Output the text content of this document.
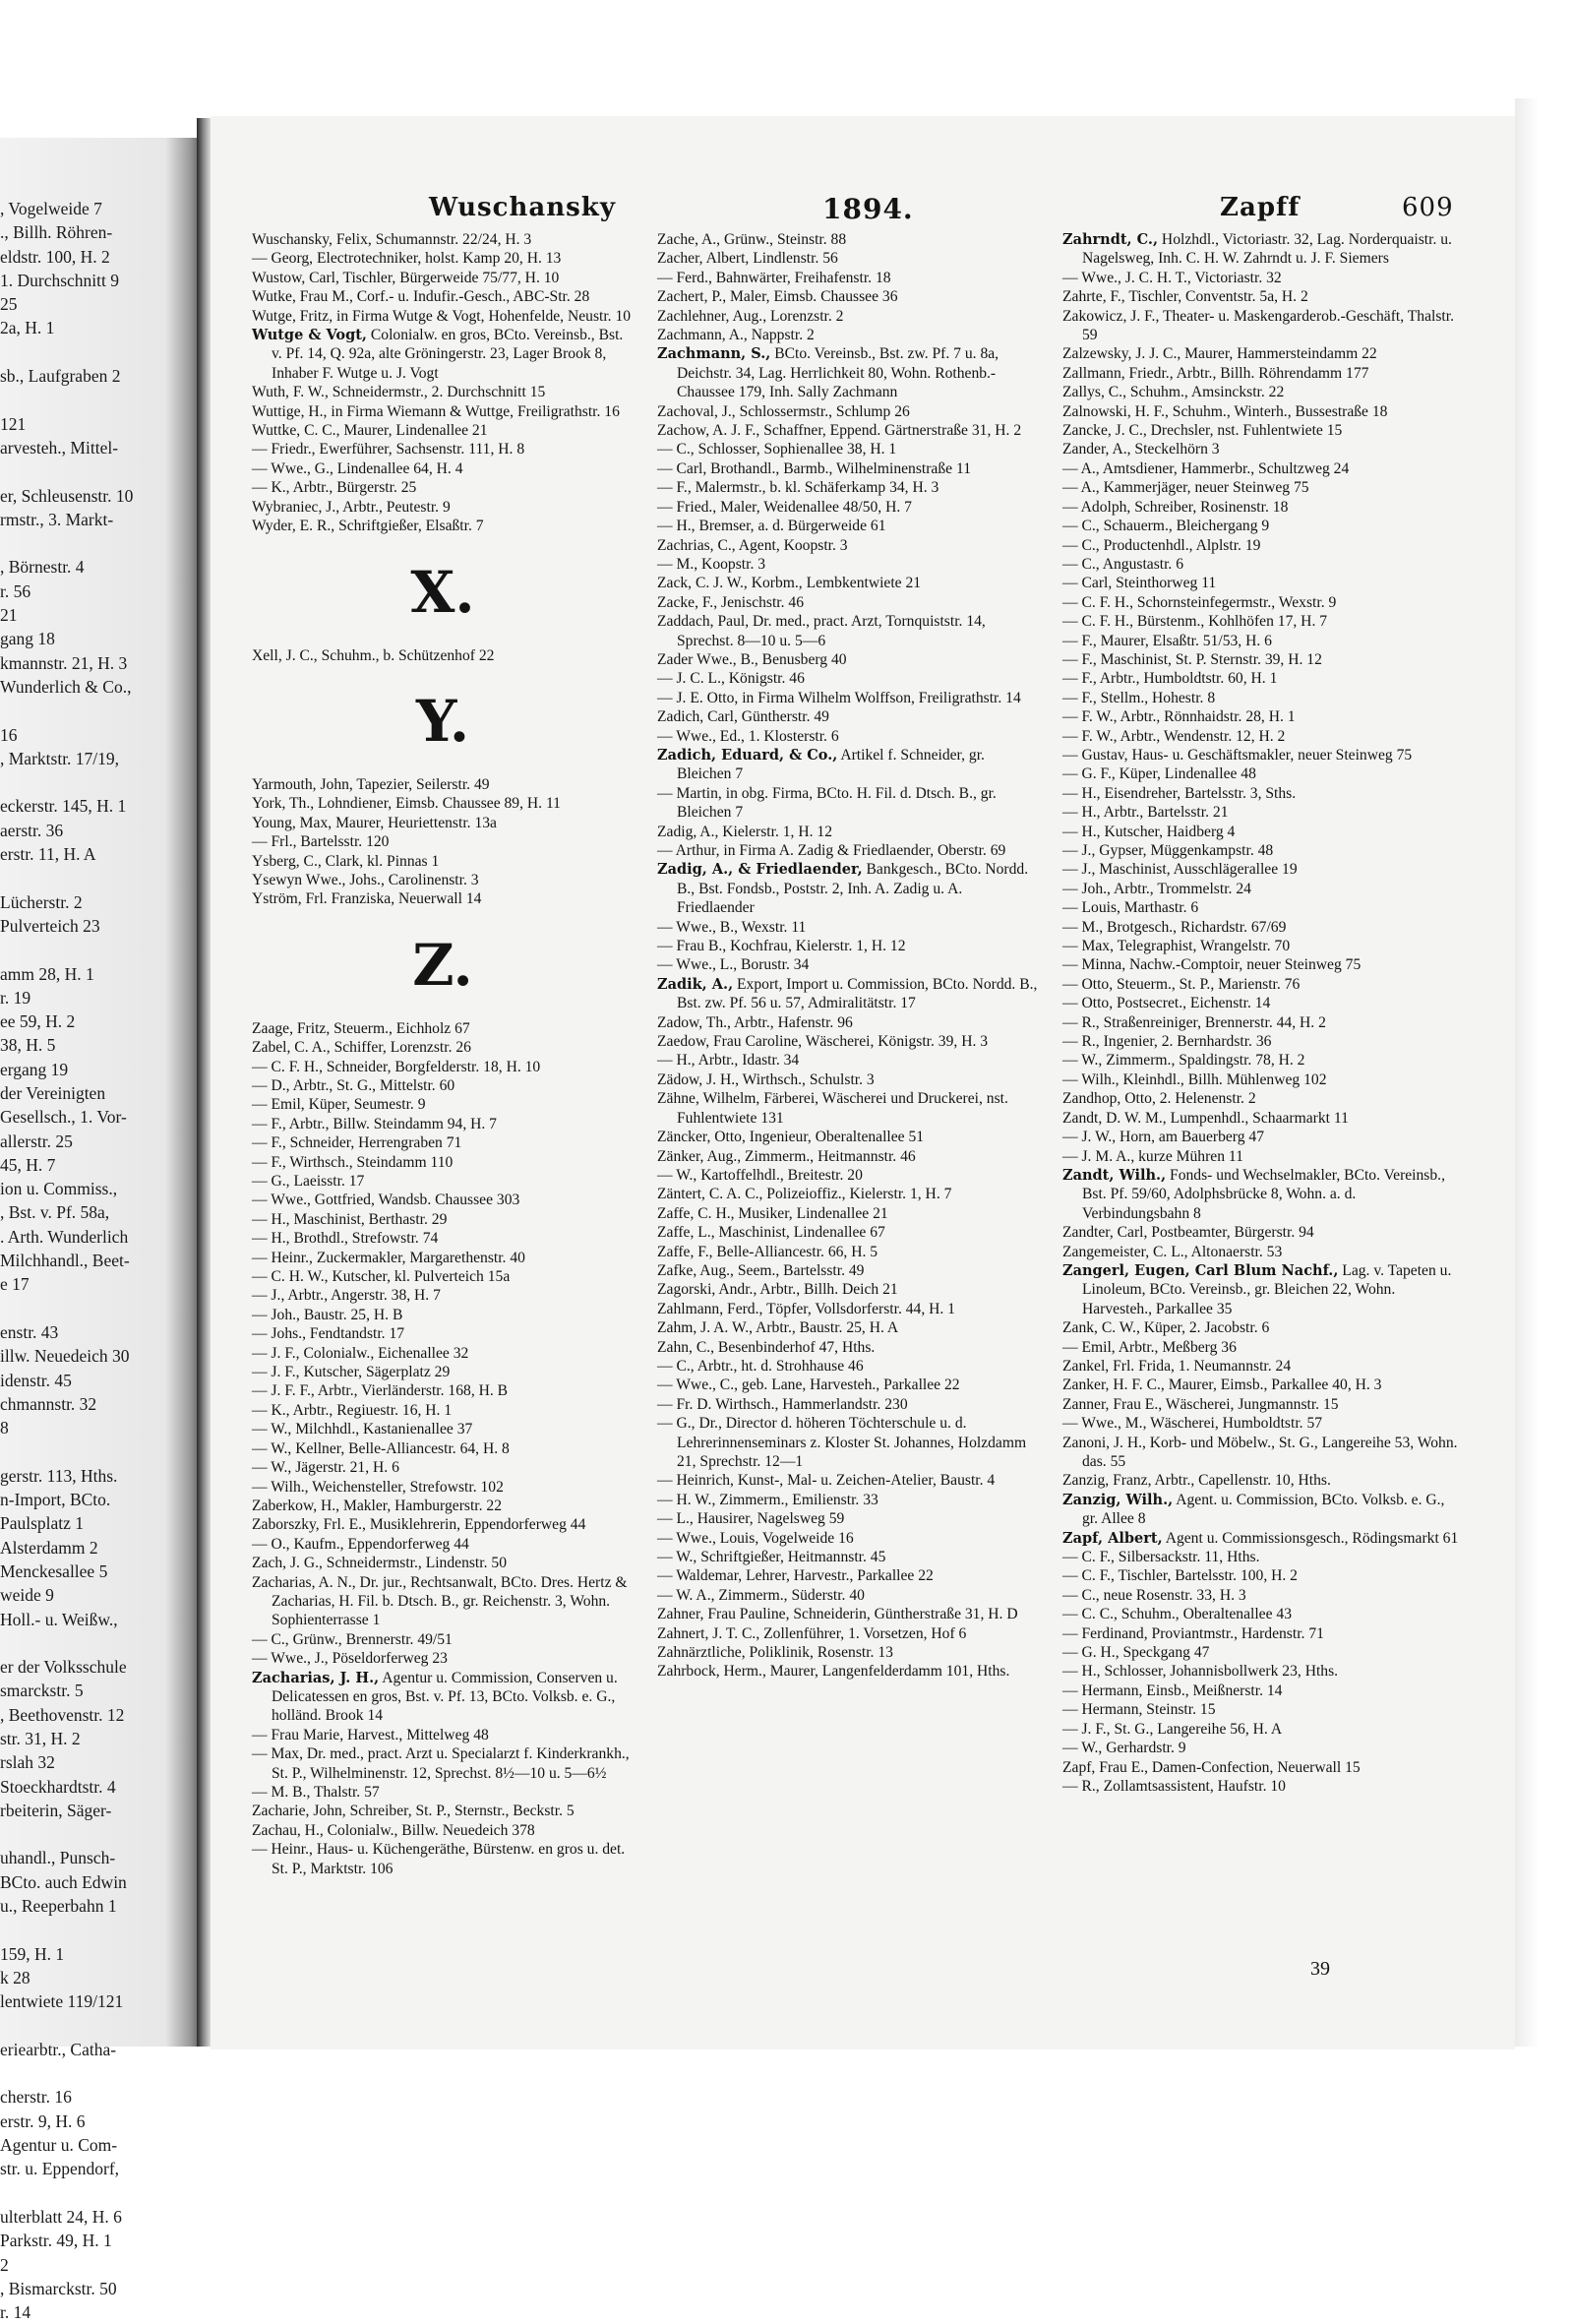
, Vogelweide 7
., Billh. Röhren-
eldstr. 100, H. 2
1. Durchschnitt 9
25
2a, H. 1

sb., Laufgraben 2

121
arvesteh., Mittel-

er, Schleusenstr. 10
rmstr., 3. Markt-

, Börnestr. 4
r. 56
21
gang 18
kmannstr. 21, H. 3
Wunderlich & Co.,

16
, Marktstr. 17/19,

eckerstr. 145, H. 1
aerstr. 36
erstr. 11, H. A

Lücherstr. 2
Pulverteich 23

amm 28, H. 1
r. 19
ee 59, H. 2
38, H. 5
ergang 19
der Vereinigten
Gesellsch., 1. Vor-
allerstr. 25
45, H. 7
ion u. Commiss.,
, Bst. v. Pf. 58a,
. Arth. Wunderlich
Milchhandl., Beet-
e 17

enstr. 43
illw. Neuedeich 30
idenstr. 45
chmannstr. 32
8

gerstr. 113, Hths.
n-Import, BCto.
Paulsplatz 1
Alsterdamm 2
Menckesallee 5
weide 9
Holl.- u. Weißw.,

er der Volksschule
smarckstr. 5
, Beethovenstr. 12
str. 31, H. 2
rslah 32
Stoeckhardtstr. 4
rbeiterin, Säger-

uhandl., Punsch-
BCto. auch Edwin
u., Reeperbahn 1

159, H. 1
k 28
lentwiete 119/121

eriearbtr., Catha-

cherstr. 16
erstr. 9, H. 6
Agentur u. Com-
str. u. Eppendorf,

ulterblatt 24, H. 6
Parkstr. 49, H. 1
2
, Bismarckstr. 50
r. 14
Wuschansky	1894.	Zapff	609
Wuschansky, Felix, Schumannstr. 22/24, H. 3
— Georg, Electrotechniker, holst. Kamp 20, H. 13
Wustow, Carl, Tischler, Bürgerweide 75/77, H. 10
Wutke, Frau M., Corf.- u. Indufir.-Gesch., ABC-Str. 28
Wutge, Fritz, in Firma Wutge & Vogt, Hohenfelde, Neustr. 10
Wutge & Vogt, Colonialw. en gros, BCto. Vereinsb., Bst. v. Pf. 14, Q. 92a, alte Gröningerstr. 23, Lager Brook 8, Inhaber F. Wutge u. J. Vogt
Wuth, F. W., Schneidermstr., 2. Durchschnitt 15
Wuttige, H., in Firma Wiemann & Wuttge, Freiligrathstr. 16
Wuttke, C. C., Maurer, Lindenallee 21
— Friedr., Ewerführer, Sachsenstr. 111, H. 8
— Wwe., G., Lindenallee 64, H. 4
— K., Arbtr., Bürgerstr. 25
Wybraniec, J., Arbtr., Peutestr. 9
Wyder, E. R., Schriftgießer, Elsaßtr. 7
X.
Xell, J. C., Schuhm., b. Schützenhof 22
Y.
Yarmouth, John, Tapezier, Seilerstr. 49
York, Th., Lohndiener, Eimsb. Chaussee 89, H. 11
Young, Max, Maurer, Heuriettenstr. 13a
— Frl., Bartelsstr. 120
Ysberg, C., Clark, kl. Pinnas 1
Ysewyn Wwe., Johs., Carolinenstr. 3
Yström, Frl. Franziska, Neuerwall 14
Z.
Zaage, Fritz, Steuerm., Eichholz 67
Zabel, C. A., Schiffer, Lorenzstr. 26
— C. F. H., Schneider, Borgfelderstr. 18, H. 10
— D., Arbtr., St. G., Mittelstr. 60
— Emil, Küper, Seumestr. 9
— F., Arbtr., Billw. Steindamm 94, H. 7
— F., Schneider, Herrengraben 71
— F., Wirthsch., Steindamm 110
— G., Laeisstr. 17
— Wwe., Gottfried, Wandsb. Chaussee 303
— H., Maschinist, Berthastr. 29
— H., Brothdl., Strefowstr. 74
— Heinr., Zuckermakler, Margarethenstr. 40
— C. H. W., Kutscher, kl. Pulverteich 15a
— J., Arbtr., Angerstr. 38, H. 7
— Joh., Baustr. 25, H. B
— Johs., Fendtandstr. 17
— J. F., Colonialw., Eichenallee 32
— J. F., Kutscher, Sägerplatz 29
— J. F. F., Arbtr., Vierländerstr. 168, H. B
— K., Arbtr., Regiuestr. 16, H. 1
— W., Milchhdl., Kastanienallee 37
— W., Kellner, Belle-Alliancestr. 64, H. 8
— W., Jägerstr. 21, H. 6
— Wilh., Weichensteller, Strefowstr. 102
Zaberkow, H., Makler, Hamburgerstr. 22
Zaborszky, Frl. E., Musiklehrerin, Eppendorferweg 44
— O., Kaufm., Eppendorferweg 44
Zach, J. G., Schneidermstr., Lindenstr. 50
Zacharias, A. N., Dr. jur., Rechtsanwalt, BCto. Dres. Hertz & Zacharias, H. Fil. b. Dtsch. B., gr. Reichenstr. 3, Wohn. Sophienterrasse 1
— C., Grünw., Brennerstr. 49/51
— Wwe., J., Pöseldorferweg 23
Zacharias, J. H., Agentur u. Commission, Conserven u. Delicatessen en gros, Bst. v. Pf. 13, BCto. Volksb. e. G., holländ. Brook 14
— Frau Marie, Harvest., Mittelweg 48
— Max, Dr. med., pract. Arzt u. Specialarzt f. Kinderkrankh., St. P., Wilhelminenstr. 12, Sprechst. 8½—10 u. 5—6½
— M. B., Thalstr. 57
Zacharie, John, Schreiber, St. P., Sternstr., Beckstr. 5
Zachau, H., Colonialw., Billw. Neuedeich 378
— Heinr., Haus- u. Küchengeräthe, Bürstenw. en gros u. det. St. P., Marktstr. 106
Zache, A., Grünw., Steinstr. 88
Zacher, Albert, Lindlenstr. 56
— Ferd., Bahnwärter, Freihafenstr. 18
Zachert, P., Maler, Eimsb. Chaussee 36
Zachlehner, Aug., Lorenzstr. 2
Zachmann, A., Nappstr. 2
Zachmann, S., BCto. Vereinsb., Bst. zw. Pf. 7 u. 8a, Deichstr. 34, Lag. Herrlichkeit 80, Wohn. Rothenb.-Chaussee 179, Inh. Sally Zachmann
Zachoval, J., Schlossermstr., Schlump 26
Zachow, A. J. F., Schaffner, Eppend. Gärtnerstraße 31, H. 2
— C., Schlosser, Sophienallee 38, H. 1
— Carl, Brothandl., Barmb., Wilhelminenstraße 11
— F., Malermstr., b. kl. Schäferkamp 34, H. 3
— Fried., Maler, Weidenallee 48/50, H. 7
— H., Bremser, a. d. Bürgerweide 61
Zachrias, C., Agent, Koopstr. 3
— M., Koopstr. 3
Zack, C. J. W., Korbm., Lembkentwiete 21
Zacke, F., Jenischstr. 46
Zaddach, Paul, Dr. med., pract. Arzt, Tornquiststr. 14, Sprechst. 8—10 u. 5—6
Zader Wwe., B., Benusberg 40
— J. C. L., Königstr. 46
— J. E. Otto, in Firma Wilhelm Wolffson, Freiligrathstr. 14
Zadich, Carl, Güntherstr. 49
— Wwe., Ed., 1. Klosterstr. 6
Zadich, Eduard, & Co., Artikel f. Schneider, gr. Bleichen 7
— Martin, in obg. Firma, BCto. H. Fil. d. Dtsch. B., gr. Bleichen 7
Zadig, A., Kielerstr. 1, H. 12
— Arthur, in Firma A. Zadig & Friedlaender, Oberstr. 69
Zadig, A., & Friedlaender, Bankgesch., BCto. Nordd. B., Bst. Fondsb., Poststr. 2, Inh. A. Zadig u. A. Friedlaender
— Wwe., B., Wexstr. 11
— Frau B., Kochfrau, Kielerstr. 1, H. 12
— Wwe., L., Borustr. 34
Zadik, A., Export, Import u. Commission, BCto. Nordd. B., Bst. zw. Pf. 56 u. 57, Admiralitätstr. 17
Zadow, Th., Arbtr., Hafenstr. 96
Zaedow, Frau Caroline, Wäscherei, Königstr. 39, H. 3
— H., Arbtr., Idastr. 34
Zädow, J. H., Wirthsch., Schulstr. 3
Zähne, Wilhelm, Färberei, Wäscherei und Druckerei, nst. Fuhlentwiete 131
Zäncker, Otto, Ingenieur, Oberaltenallee 51
Zänker, Aug., Zimmerm., Heitmannstr. 46
— W., Kartoffelhdl., Breitestr. 20
Zäntert, C. A. C., Polizeioffiz., Kielerstr. 1, H. 7
Zaffe, C. H., Musiker, Lindenallee 21
Zaffe, L., Maschinist, Lindenallee 67
Zaffe, F., Belle-Alliancestr. 66, H. 5
Zafke, Aug., Seem., Bartelsstr. 49
Zagorski, Andr., Arbtr., Billh. Deich 21
Zahlmann, Ferd., Töpfer, Vollsdorferstr. 44, H. 1
Zahm, J. A. W., Arbtr., Baustr. 25, H. A
Zahn, C., Besenbinderhof 47, Hths.
— C., Arbtr., ht. d. Strohhause 46
— Wwe., C., geb. Lane, Harvesteh., Parkallee 22
— Fr. D. Wirthsch., Hammerlandstr. 230
— G., Dr., Director d. höheren Töchterschule u. d. Lehrerinnenseminars z. Kloster St. Johannes, Holzdamm 21, Sprechstr. 12—1
— Heinrich, Kunst-, Mal- u. Zeichen-Atelier, Baustr. 4
— H. W., Zimmerm., Emilienstr. 33
— L., Hausirer, Nagelsweg 59
— Wwe., Louis, Vogelweide 16
— W., Schriftgießer, Heitmannstr. 45
— Waldemar, Lehrer, Harvestr., Parkallee 22
— W. A., Zimmerm., Süderstr. 40
Zahner, Frau Pauline, Schneiderin, Güntherstraße 31, H. D
Zahnert, J. T. C., Zollenführer, 1. Vorsetzen, Hof 6
Zahnärztliche, Poliklinik, Rosenstr. 13
Zahrbock, Herm., Maurer, Langenfelderdamm 101, Hths.
Zahrndt, C., Holzhdl., Victoriastr. 32, Lag. Norderquaistr. u. Nagelsweg, Inh. C. H. W. Zahrndt u. J. F. Siemers
— Wwe., J. C. H. T., Victoriastr. 32
Zahrte, F., Tischler, Conventstr. 5a, H. 2
Zakowicz, J. F., Theater- u. Maskengarderob.-Geschäft, Thalstr. 59
Zalzewsky, J. J. C., Maurer, Hammersteindamm 22
Zallmann, Friedr., Arbtr., Billh. Röhrendamm 177
Zallys, C., Schuhm., Amsinckstr. 22
Zalnowski, H. F., Schuhm., Winterh., Bussestraße 18
Zancke, J. C., Drechsler, nst. Fuhlentwiete 15
Zander, A., Steckelhörn 3
— A., Amtsdiener, Hammerbr., Schultzweg 24
— A., Kammerjäger, neuer Steinweg 75
— Adolph, Schreiber, Rosinenstr. 18
— C., Schauerm., Bleichergang 9
— C., Productenhdl., Alplstr. 19
— C., Angustastr. 6
— Carl, Steinthorweg 11
— C. F. H., Schornsteinfegermstr., Wexstr. 9
— C. F. H., Bürstenm., Kohlhöfen 17, H. 7
— F., Maurer, Elsaßtr. 51/53, H. 6
— F., Maschinist, St. P. Sternstr. 39, H. 12
— F., Arbtr., Humboldtstr. 60, H. 1
— F., Stellm., Hohestr. 8
— F. W., Arbtr., Rönnhaidstr. 28, H. 1
— F. W., Arbtr., Wendenstr. 12, H. 2
— Gustav, Haus- u. Geschäftsmakler, neuer Steinweg 75
— G. F., Küper, Lindenallee 48
— H., Eisendreher, Bartelsstr. 3, Sths.
— H., Arbtr., Bartelsstr. 21
— H., Kutscher, Haidberg 4
— J., Gypser, Müggenkampstr. 48
— J., Maschinist, Ausschlägerallee 19
— Joh., Arbtr., Trommelstr. 24
— Louis, Marthastr. 6
— M., Brotgesch., Richardstr. 67/69
— Max, Telegraphist, Wrangelstr. 70
— Minna, Nachw.-Comptoir, neuer Steinweg 75
— Otto, Steuerm., St. P., Marienstr. 76
— Otto, Postsecret., Eichenstr. 14
— R., Straßenreiniger, Brennerstr. 44, H. 2
— R., Ingenier, 2. Bernhardstr. 36
— W., Zimmerm., Spaldingstr. 78, H. 2
— Wilh., Kleinhdl., Billh. Mühlenweg 102
Zandhop, Otto, 2. Helenenstr. 2
Zandt, D. W. M., Lumpenhdl., Schaarmarkt 11
— J. W., Horn, am Bauerberg 47
— J. M. A., kurze Mühren 11
Zandt, Wilh., Fonds- und Wechselmakler, BCto. Vereinsb., Bst. Pf. 59/60, Adolphsbrücke 8, Wohn. a. d. Verbindungsbahn 8
Zandter, Carl, Postbeamter, Bürgerstr. 94
Zangemeister, C. L., Altonaerstr. 53
Zangerl, Eugen, Carl Blum Nachf., Lag. v. Tapeten u. Linoleum, BCto. Vereinsb., gr. Bleichen 22, Wohn. Harvesteh., Parkallee 35
Zank, C. W., Küper, 2. Jacobstr. 6
— Emil, Arbtr., Meßberg 36
Zankel, Frl. Frida, 1. Neumannstr. 24
Zanker, H. F. C., Maurer, Eimsb., Parkallee 40, H. 3
Zanner, Frau E., Wäscherei, Jungmannstr. 15
— Wwe., M., Wäscherei, Humboldtstr. 57
Zanoni, J. H., Korb- und Möbelw., St. G., Langereihe 53, Wohn. das. 55
Zanzig, Franz, Arbtr., Capellenstr. 10, Hths.
Zanzig, Wilh., Agent. u. Commission, BCto. Volksb. e. G., gr. Allee 8
Zapf, Albert, Agent u. Commissionsgesch., Rödingsmarkt 61
— C. F., Silbersackstr. 11, Hths.
— C. F., Tischler, Bartelsstr. 100, H. 2
— C., neue Rosenstr. 33, H. 3
— C. C., Schuhm., Oberaltenallee 43
— Ferdinand, Proviantmstr., Hardenstr. 71
— G. H., Speckgang 47
— H., Schlosser, Johannisbollwerk 23, Hths.
— Hermann, Einsb., Meißnerstr. 14
— Hermann, Steinstr. 15
— J. F., St. G., Langereihe 56, H. A
— W., Gerhardstr. 9
Zapf, Frau E., Damen-Confection, Neuerwall 15
— R., Zollamtsassistent, Haufstr. 10
39
